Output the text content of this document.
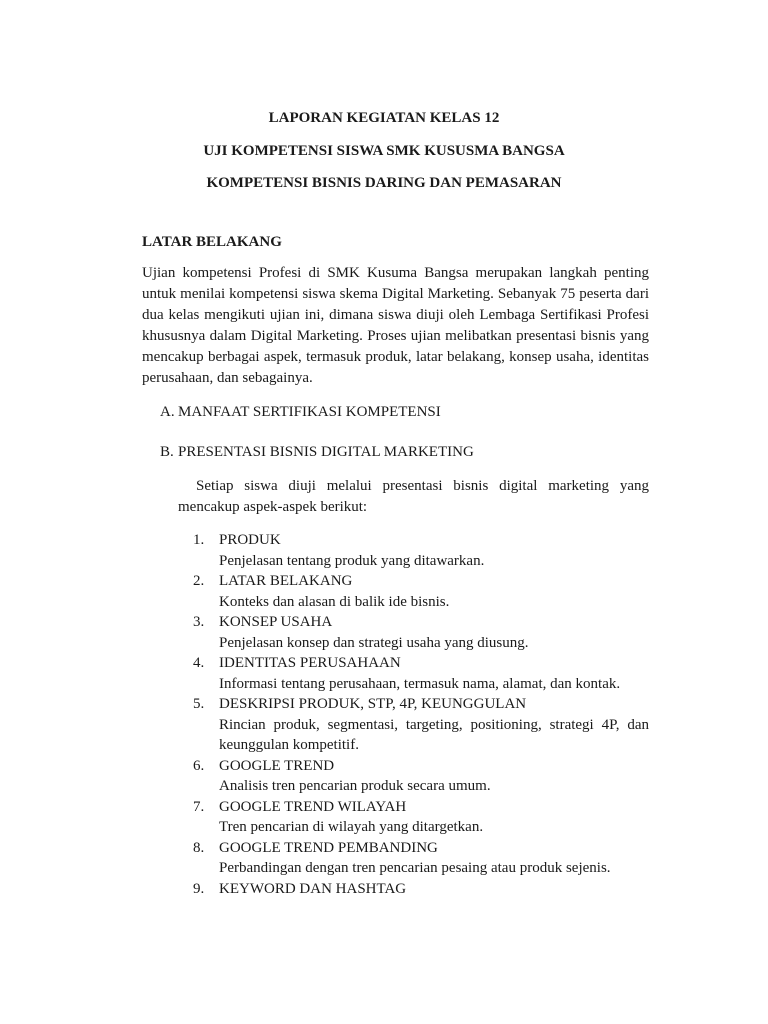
LAPORAN KEGIATAN KELAS 12
UJI KOMPETENSI SISWA SMK KUSUSMA BANGSA
KOMPETENSI BISNIS DARING DAN PEMASARAN
LATAR BELAKANG
Ujian kompetensi Profesi di SMK Kusuma Bangsa merupakan langkah penting untuk menilai kompetensi siswa skema Digital Marketing. Sebanyak 75 peserta dari dua kelas mengikuti ujian ini, dimana siswa diuji oleh Lembaga Sertifikasi Profesi khususnya dalam Digital Marketing. Proses ujian melibatkan presentasi bisnis yang mencakup berbagai aspek, termasuk produk, latar belakang, konsep usaha, identitas perusahaan, dan sebagainya.
A. MANFAAT SERTIFIKASI KOMPETENSI
B. PRESENTASI BISNIS DIGITAL MARKETING
Setiap siswa diuji melalui presentasi bisnis digital marketing yang mencakup aspek-aspek berikut:
1. PRODUK
Penjelasan tentang produk yang ditawarkan.
2. LATAR BELAKANG
Konteks dan alasan di balik ide bisnis.
3. KONSEP USAHA
Penjelasan konsep dan strategi usaha yang diusung.
4. IDENTITAS PERUSAHAAN
Informasi tentang perusahaan, termasuk nama, alamat, dan kontak.
5. DESKRIPSI PRODUK, STP, 4P, KEUNGGULAN
Rincian produk, segmentasi, targeting, positioning, strategi 4P, dan keunggulan kompetitif.
6. GOOGLE TREND
Analisis tren pencarian produk secara umum.
7. GOOGLE TREND WILAYAH
Tren pencarian di wilayah yang ditargetkan.
8. GOOGLE TREND PEMBANDING
Perbandingan dengan tren pencarian pesaing atau produk sejenis.
9. KEYWORD DAN HASHTAG
